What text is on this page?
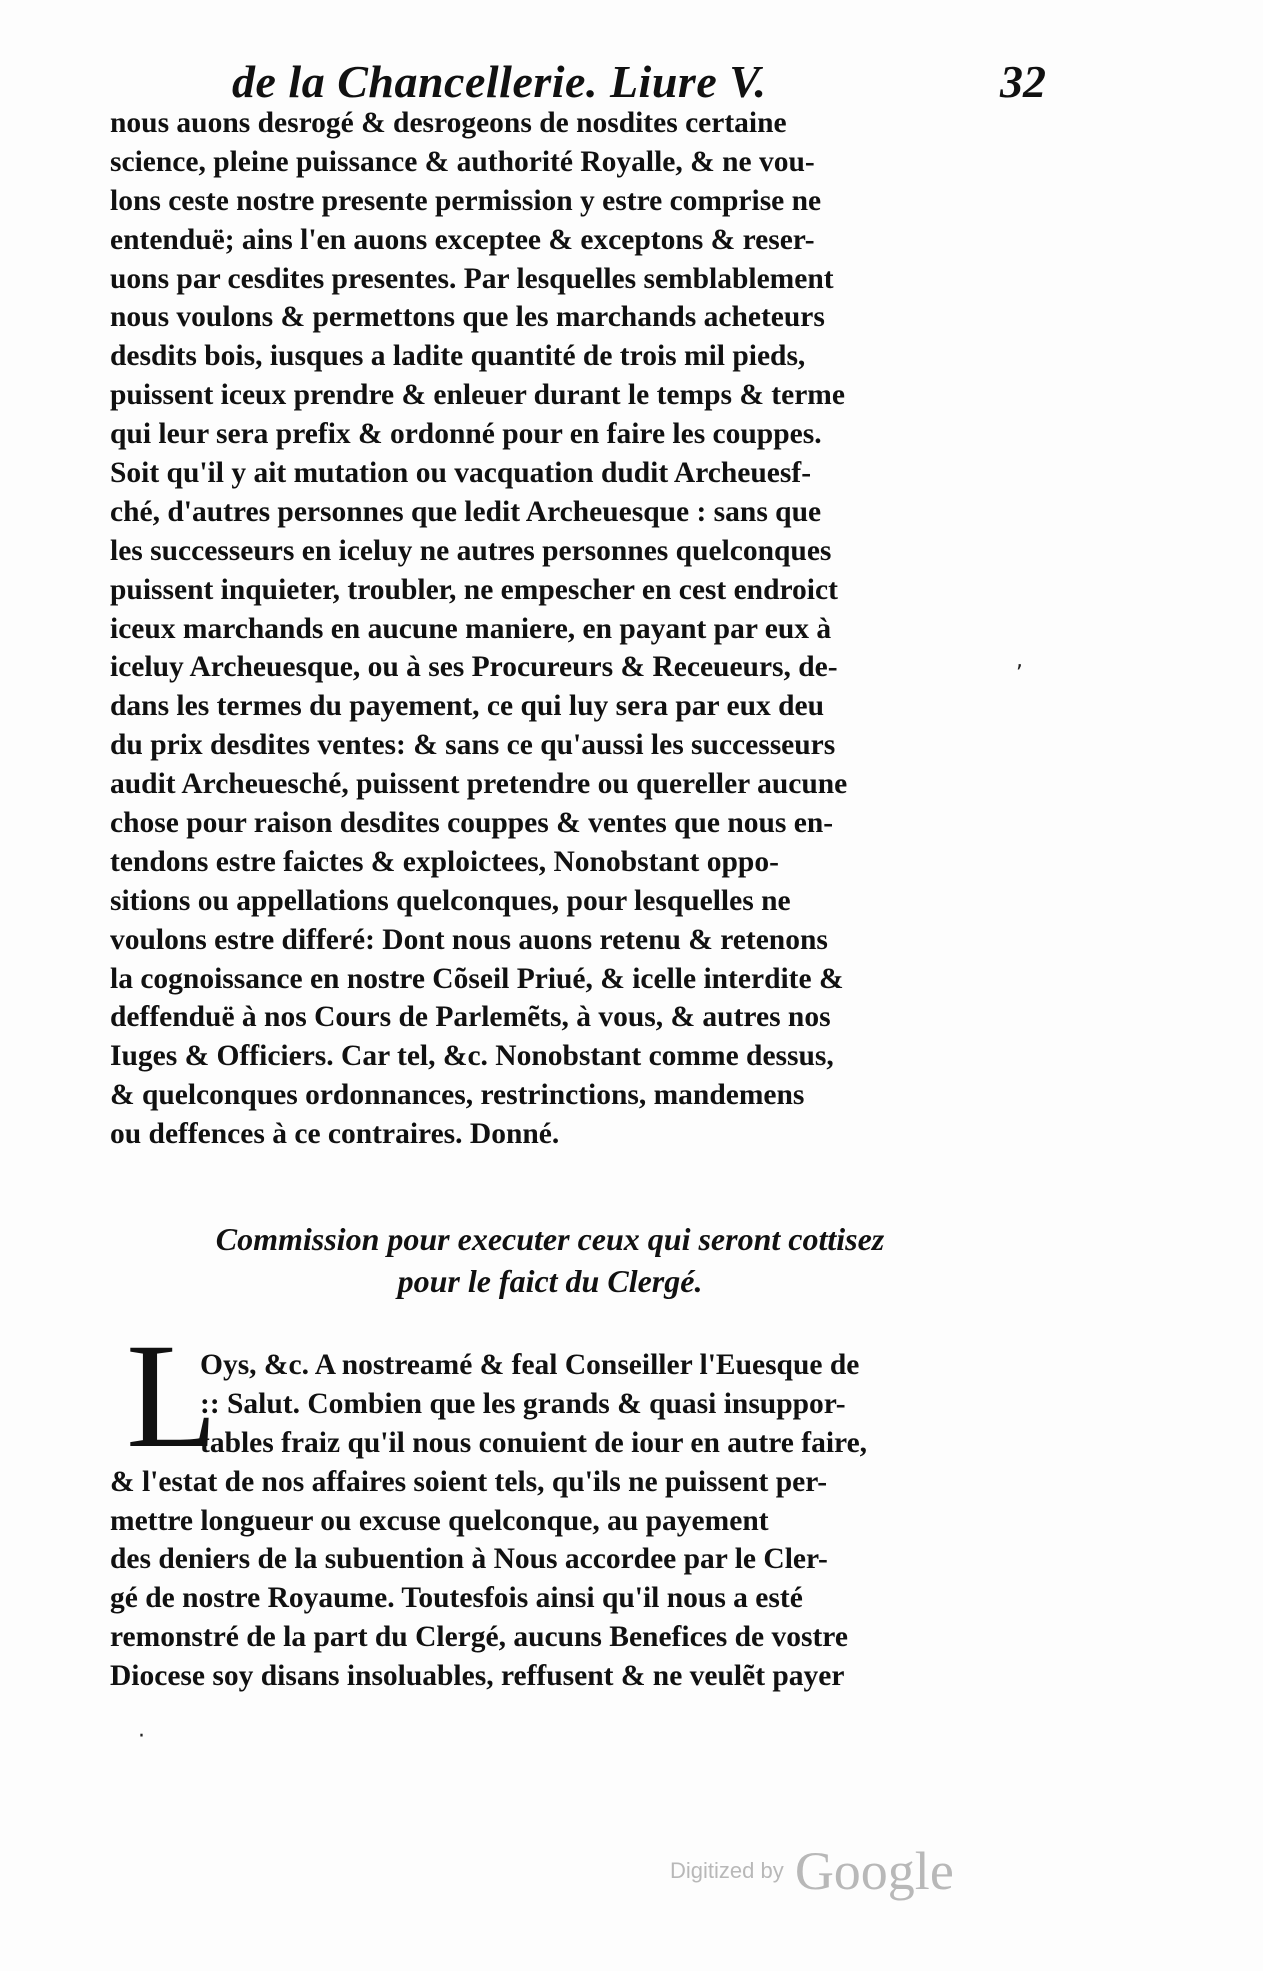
de la Chancellerie. Liure V.	32
nous auons desrogé & desrogeons de nosdites certaine
science, pleine puissance & authorité Royalle, & ne vou-
lons ceste nostre presente permission y estre comprise ne
entenduë; ains l'en auons exceptee & exceptons & reser-
uons par cesdites presentes. Par lesquelles semblablement
nous voulons & permettons que les marchands acheteurs
desdits bois, iusques a ladite quantité de trois mil pieds,
puissent iceux prendre & enleuer durant le temps & terme
qui leur sera prefix & ordonné pour en faire les couppes.
Soit qu'il y ait mutation ou vacquation dudit Archeuesf-
ché, d'autres personnes que ledit Archeuesque : sans que
les successeurs en iceluy ne autres personnes quelconques
puissent inquieter, troubler, ne empescher en cest endroict
iceux marchands en aucune maniere, en payant par eux à
iceluy Archeuesque, ou à ses Procureurs & Receueurs, de-
dans les termes du payement, ce qui luy sera par eux deu
du prix desdites ventes: & sans ce qu'aussi les successeurs
audit Archeuesché, puissent pretendre ou quereller aucune
chose pour raison desdites couppes & ventes que nous en-
tendons estre faictes & exploictees, Nonobstant oppo-
sitions ou appellations quelconques, pour lesquelles ne
voulons estre differé: Dont nous auons retenu & retenons
la cognoissance en nostre Cõseil Priué, & icelle interdite &
deffenduë à nos Cours de Parlemẽts, à vous, & autres nos
Iuges & Officiers. Car tel, &c. Nonobstant comme dessus,
& quelconques ordonnances, restrinctions, mandemens
ou deffences à ce contraires. Donné.
Commission pour executer ceux qui seront cottisez
pour le faict du Clergé.
L
Oys, &c. A nostreamé & feal Conseiller l'Euesque de
:: Salut. Combien que les grands & quasi insuppor-
tables fraiz qu'il nous conuient de iour en autre faire,
& l'estat de nos affaires soient tels, qu'ils ne puissent per-
mettre longueur ou excuse quelconque, au payement
des deniers de la subuention à Nous accordee par le Cler-
gé de nostre Royaume. Toutesfois ainsi qu'il nous a esté
remonstré de la part du Clergé, aucuns Benefices de vostre
Diocese soy disans insoluables, reffusent & ne veulẽt payer
,
·
Digitized by Google
